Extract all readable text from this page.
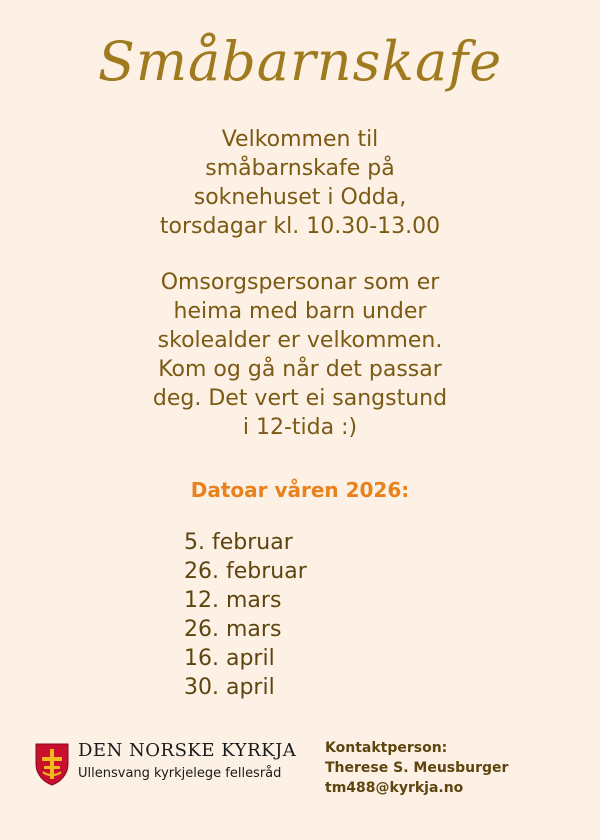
Småbarnskafe
Velkommen til
småbarnskafe på
soknehuset i Odda,
torsdagar kl. 10.30-13.00
Omsorgspersonar som er
heima med barn under
skolealder er velkommen.
Kom og gå når det passar
deg. Det vert ei sangstund
i 12-tida :)
Datoar våren 2026:
5. februar
26. februar
12. mars
26. mars
16. april
30. april
DEN NORSKE KYRKJA
Ullensvang kyrkjelege fellesråd
Kontaktperson:
Therese S. Meusburger
tm488@kyrkja.no
